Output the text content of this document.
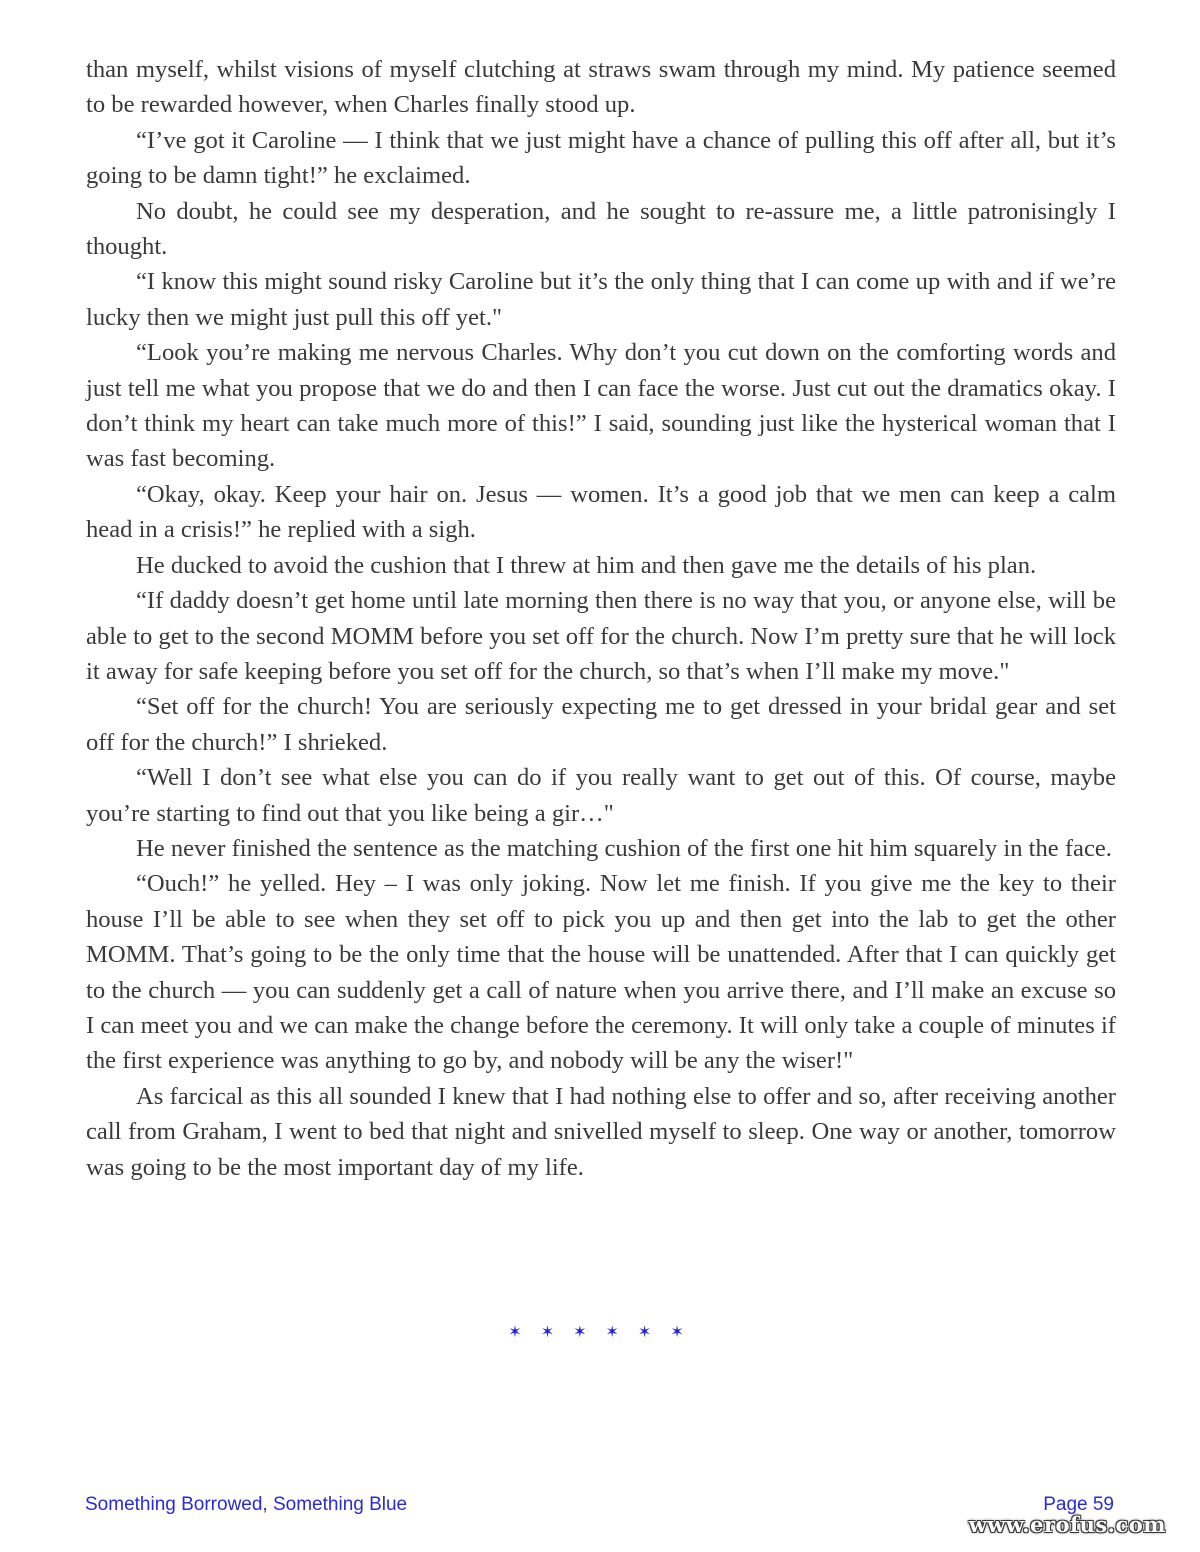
than myself, whilst visions of myself clutching at straws swam through my mind. My patience seemed to be rewarded however, when Charles finally stood up.

“I’ve got it Caroline — I think that we just might have a chance of pulling this off after all, but it’s going to be damn tight!” he exclaimed.

No doubt, he could see my desperation, and he sought to re-assure me, a little patronisingly I thought.

“I know this might sound risky Caroline but it’s the only thing that I can come up with and if we’re lucky then we might just pull this off yet."

“Look you’re making me nervous Charles. Why don’t you cut down on the comforting words and just tell me what you propose that we do and then I can face the worse. Just cut out the dramatics okay. I don’t think my heart can take much more of this!” I said, sounding just like the hysterical woman that I was fast becoming.

“Okay, okay. Keep your hair on. Jesus — women. It’s a good job that we men can keep a calm head in a crisis!” he replied with a sigh.

He ducked to avoid the cushion that I threw at him and then gave me the details of his plan.

“If daddy doesn’t get home until late morning then there is no way that you, or anyone else, will be able to get to the second MOMM before you set off for the church. Now I’m pretty sure that he will lock it away for safe keeping before you set off for the church, so that’s when I’ll make my move."

“Set off for the church! You are seriously expecting me to get dressed in your bridal gear and set off for the church!” I shrieked.

“Well I don’t see what else you can do if you really want to get out of this. Of course, maybe you’re starting to find out that you like being a gir…"

He never finished the sentence as the matching cushion of the first one hit him squarely in the face.

“Ouch!” he yelled. Hey – I was only joking. Now let me finish. If you give me the key to their house I’ll be able to see when they set off to pick you up and then get into the lab to get the other MOMM. That’s going to be the only time that the house will be unattended. After that I can quickly get to the church — you can suddenly get a call of nature when you arrive there, and I’ll make an excuse so I can meet you and we can make the change before the ceremony. It will only take a couple of minutes if the first experience was anything to go by, and nobody will be any the wiser!"

As farcical as this all sounded I knew that I had nothing else to offer and so, after receiving another call from Graham, I went to bed that night and snivelled myself to sleep. One way or another, tomorrow was going to be the most important day of my life.

✶✶✶✶✶✶
Something Borrowed, Something Blue	Page 59
www.erofus.com
